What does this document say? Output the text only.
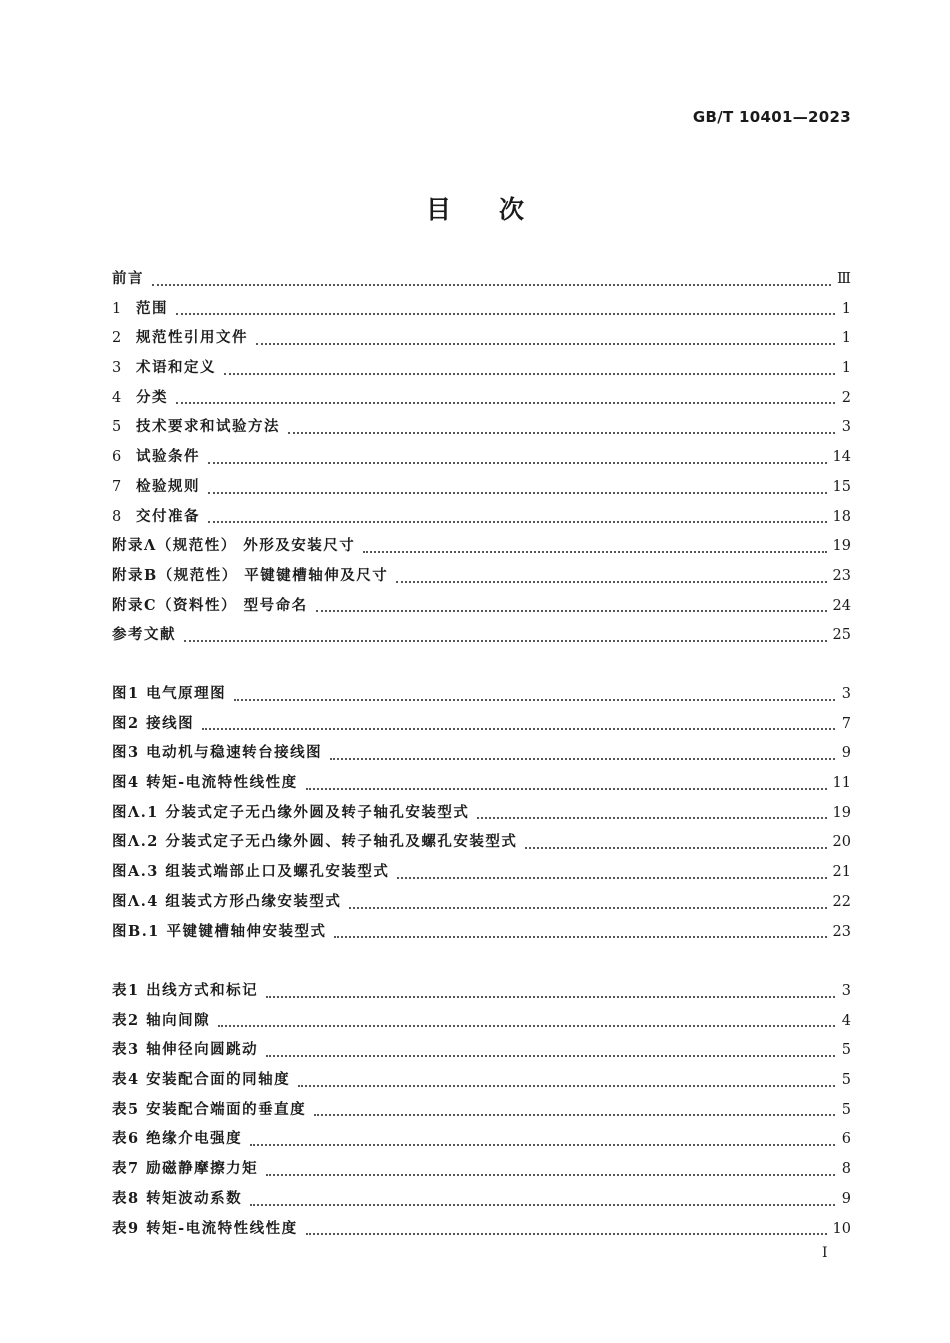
GB/T 10401—2023

目次
前言	Ⅲ
1	范围	1
2	规范性引用文件	1
3	术语和定义	1
4	分类	2
5	技术要求和试验方法	3
6	试验条件	14
7	检验规则	15
8	交付准备	18
附录Λ（规范性） 外形及安装尺寸	19
附录B（规范性） 平键键槽轴伸及尺寸	23
附录C（资料性） 型号命名	24
参考文献	25
图1 电气原理图	3
图2 接线图	7
图3 电动机与稳速转台接线图	9
图4 转矩-电流特性线性度	11
图Λ.1 分装式定子无凸缘外圆及转子轴孔安装型式	19
图Λ.2 分装式定子无凸缘外圆、转子轴孔及螺孔安装型式	20
图A.3 组装式端部止口及螺孔安装型式	21
图Λ.4 组装式方形凸缘安装型式	22
图B.1 平键键槽轴伸安装型式	23
表1 出线方式和标记	3
表2 轴向间隙	4
表3 轴伸径向圆跳动	5
表4 安装配合面的同轴度	5
表5 安装配合端面的垂直度	5
表6 绝缘介电强度	6
表7 励磁静摩擦力矩	8
表8 转矩波动系数	9
表9 转矩-电流特性线性度	10

Ⅰ
